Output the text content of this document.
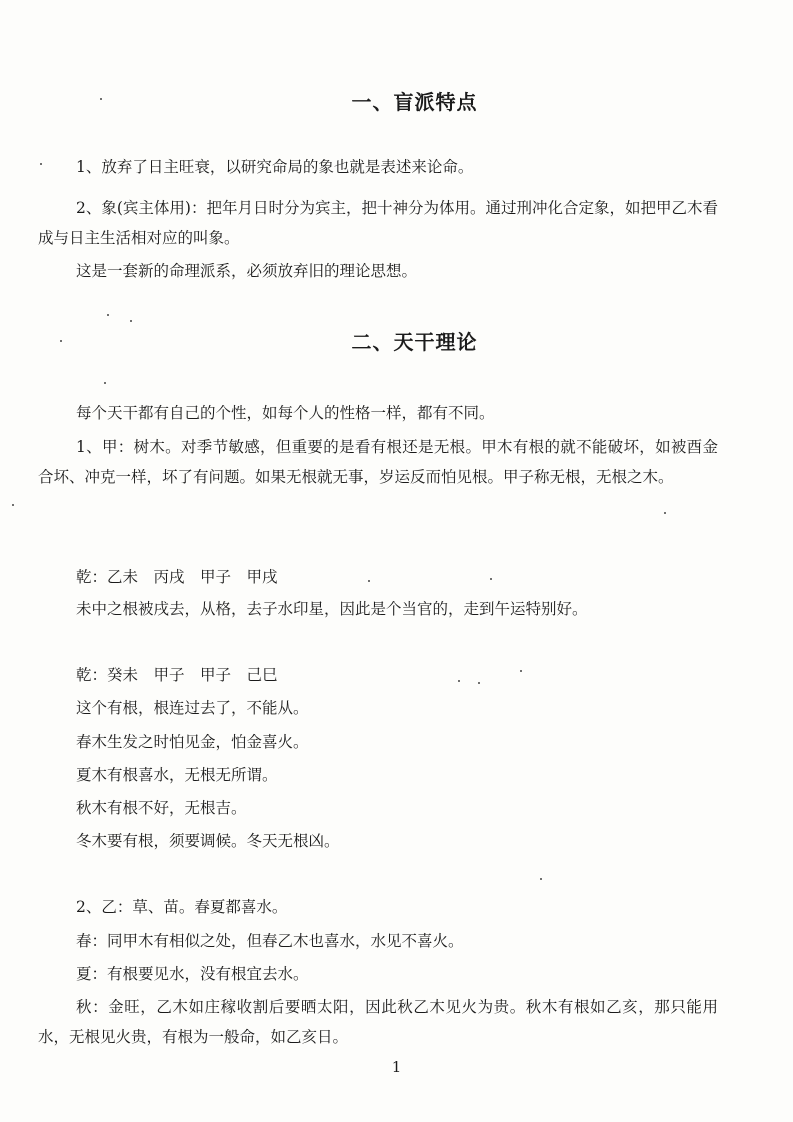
一、盲派特点

1、放弃了日主旺衰，以研究命局的象也就是表述来论命。

2、象(宾主体用)：把年月日时分为宾主，把十神分为体用。通过刑冲化合定象，如把甲乙木看成与日主生活相对应的叫象。

这是一套新的命理派系，必须放弃旧的理论思想。

二、天干理论

每个天干都有自己的个性，如每个人的性格一样，都有不同。

1、甲：树木。对季节敏感，但重要的是看有根还是无根。甲木有根的就不能破坏，如被酉金合坏、冲克一样，坏了有问题。如果无根就无事，岁运反而怕见根。甲子称无根，无根之木。

乾：乙未　丙戌　甲子　甲戌

未中之根被戌去，从格，去子水印星，因此是个当官的，走到午运特别好。

乾：癸未　甲子　甲子　己巳

这个有根，根连过去了，不能从。

春木生发之时怕见金，怕金喜火。

夏木有根喜水，无根无所谓。

秋木有根不好，无根吉。

冬木要有根，须要调候。冬天无根凶。

2、乙：草、苗。春夏都喜水。

春：同甲木有相似之处，但春乙木也喜水，水见不喜火。

夏：有根要见水，没有根宜去水。

秋：金旺，乙木如庄稼收割后要晒太阳，因此秋乙木见火为贵。秋木有根如乙亥，那只能用水，无根见火贵，有根为一般命，如乙亥日。

1
